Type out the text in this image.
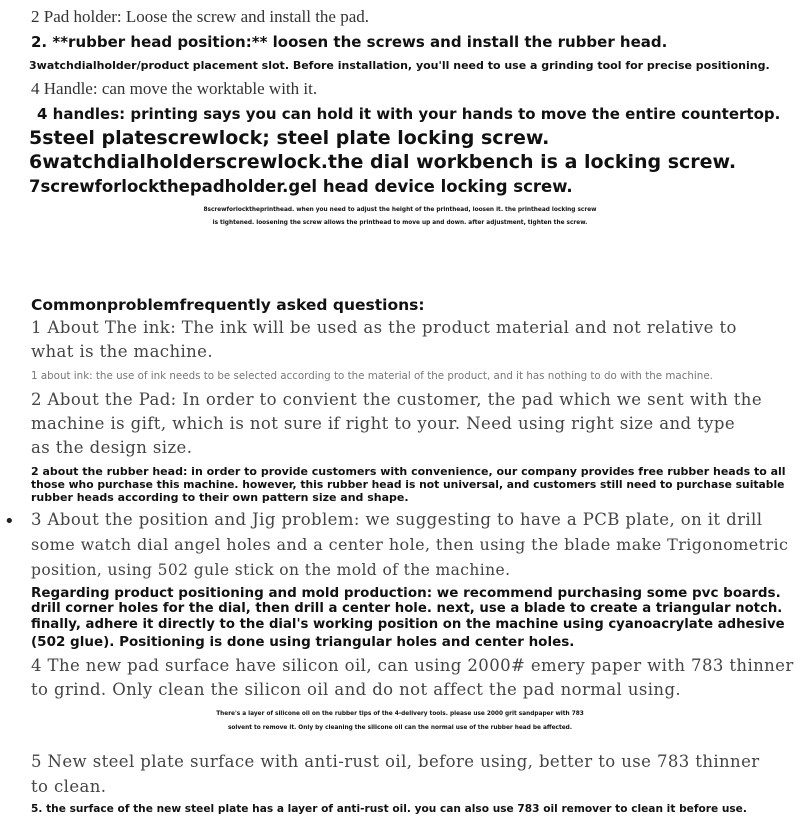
2 Pad holder: Loose the screw and install the pad.

2. **rubber head position:** loosen the screws and install the rubber head.

3watchdialholder/product placement slot. Before installation, you'll need to use a grinding tool for precise positioning.

4 Handle: can move the worktable with it.

4 handles: printing says you can hold it with your hands to move the entire countertop.

5steel platescrewlock; steel plate locking screw.

6watchdialholderscrewlock.the dial workbench is a locking screw.

7screwforlockthepadholder.gel head device locking screw.

8screwforlocktheprinthead. when you need to adjust the height of the printhead, loosen it. the printhead locking screw

is tightened. loosening the screw allows the printhead to move up and down. after adjustment, tighten the screw.

Commonproblemfrequently asked questions:

1 About The ink: The ink will be used as the product material and not relative to

what is the machine.

1 about ink: the use of ink needs to be selected according to the material of the product, and it has nothing to do with the machine.

2 About the Pad: In order to convient the customer, the pad which we sent with the

machine is gift, which is not sure if right to your. Need using right size and type

as the design size.

2 about the rubber head: in order to provide customers with convenience, our company provides free rubber heads to all

those who purchase this machine. however, this rubber head is not universal, and customers still need to purchase suitable

rubber heads according to their own pattern size and shape.

• 3 About the position and Jig problem: we suggesting to have a PCB plate, on it drill

some watch dial angel holes and a center hole, then using the blade make Trigonometric

position, using 502 gule stick on the mold of the machine.

Regarding product positioning and mold production: we recommend purchasing some pvc boards.

drill corner holes for the dial, then drill a center hole. next, use a blade to create a triangular notch.

finally, adhere it directly to the dial's working position on the machine using cyanoacrylate adhesive

(502 glue). Positioning is done using triangular holes and center holes.

4 The new pad surface have silicon oil, can using 2000# emery paper with 783 thinner

to grind. Only clean the silicon oil and do not affect the pad normal using.

There's a layer of silicone oil on the rubber tips of the 4-delivery tools. please use 2000 grit sandpaper with 783

solvent to remove it. Only by cleaning the silicone oil can the normal use of the rubber head be affected.

5 New steel plate surface with anti-rust oil, before using, better to use 783 thinner

to clean.

5. the surface of the new steel plate has a layer of anti-rust oil. you can also use 783 oil remover to clean it before use.
